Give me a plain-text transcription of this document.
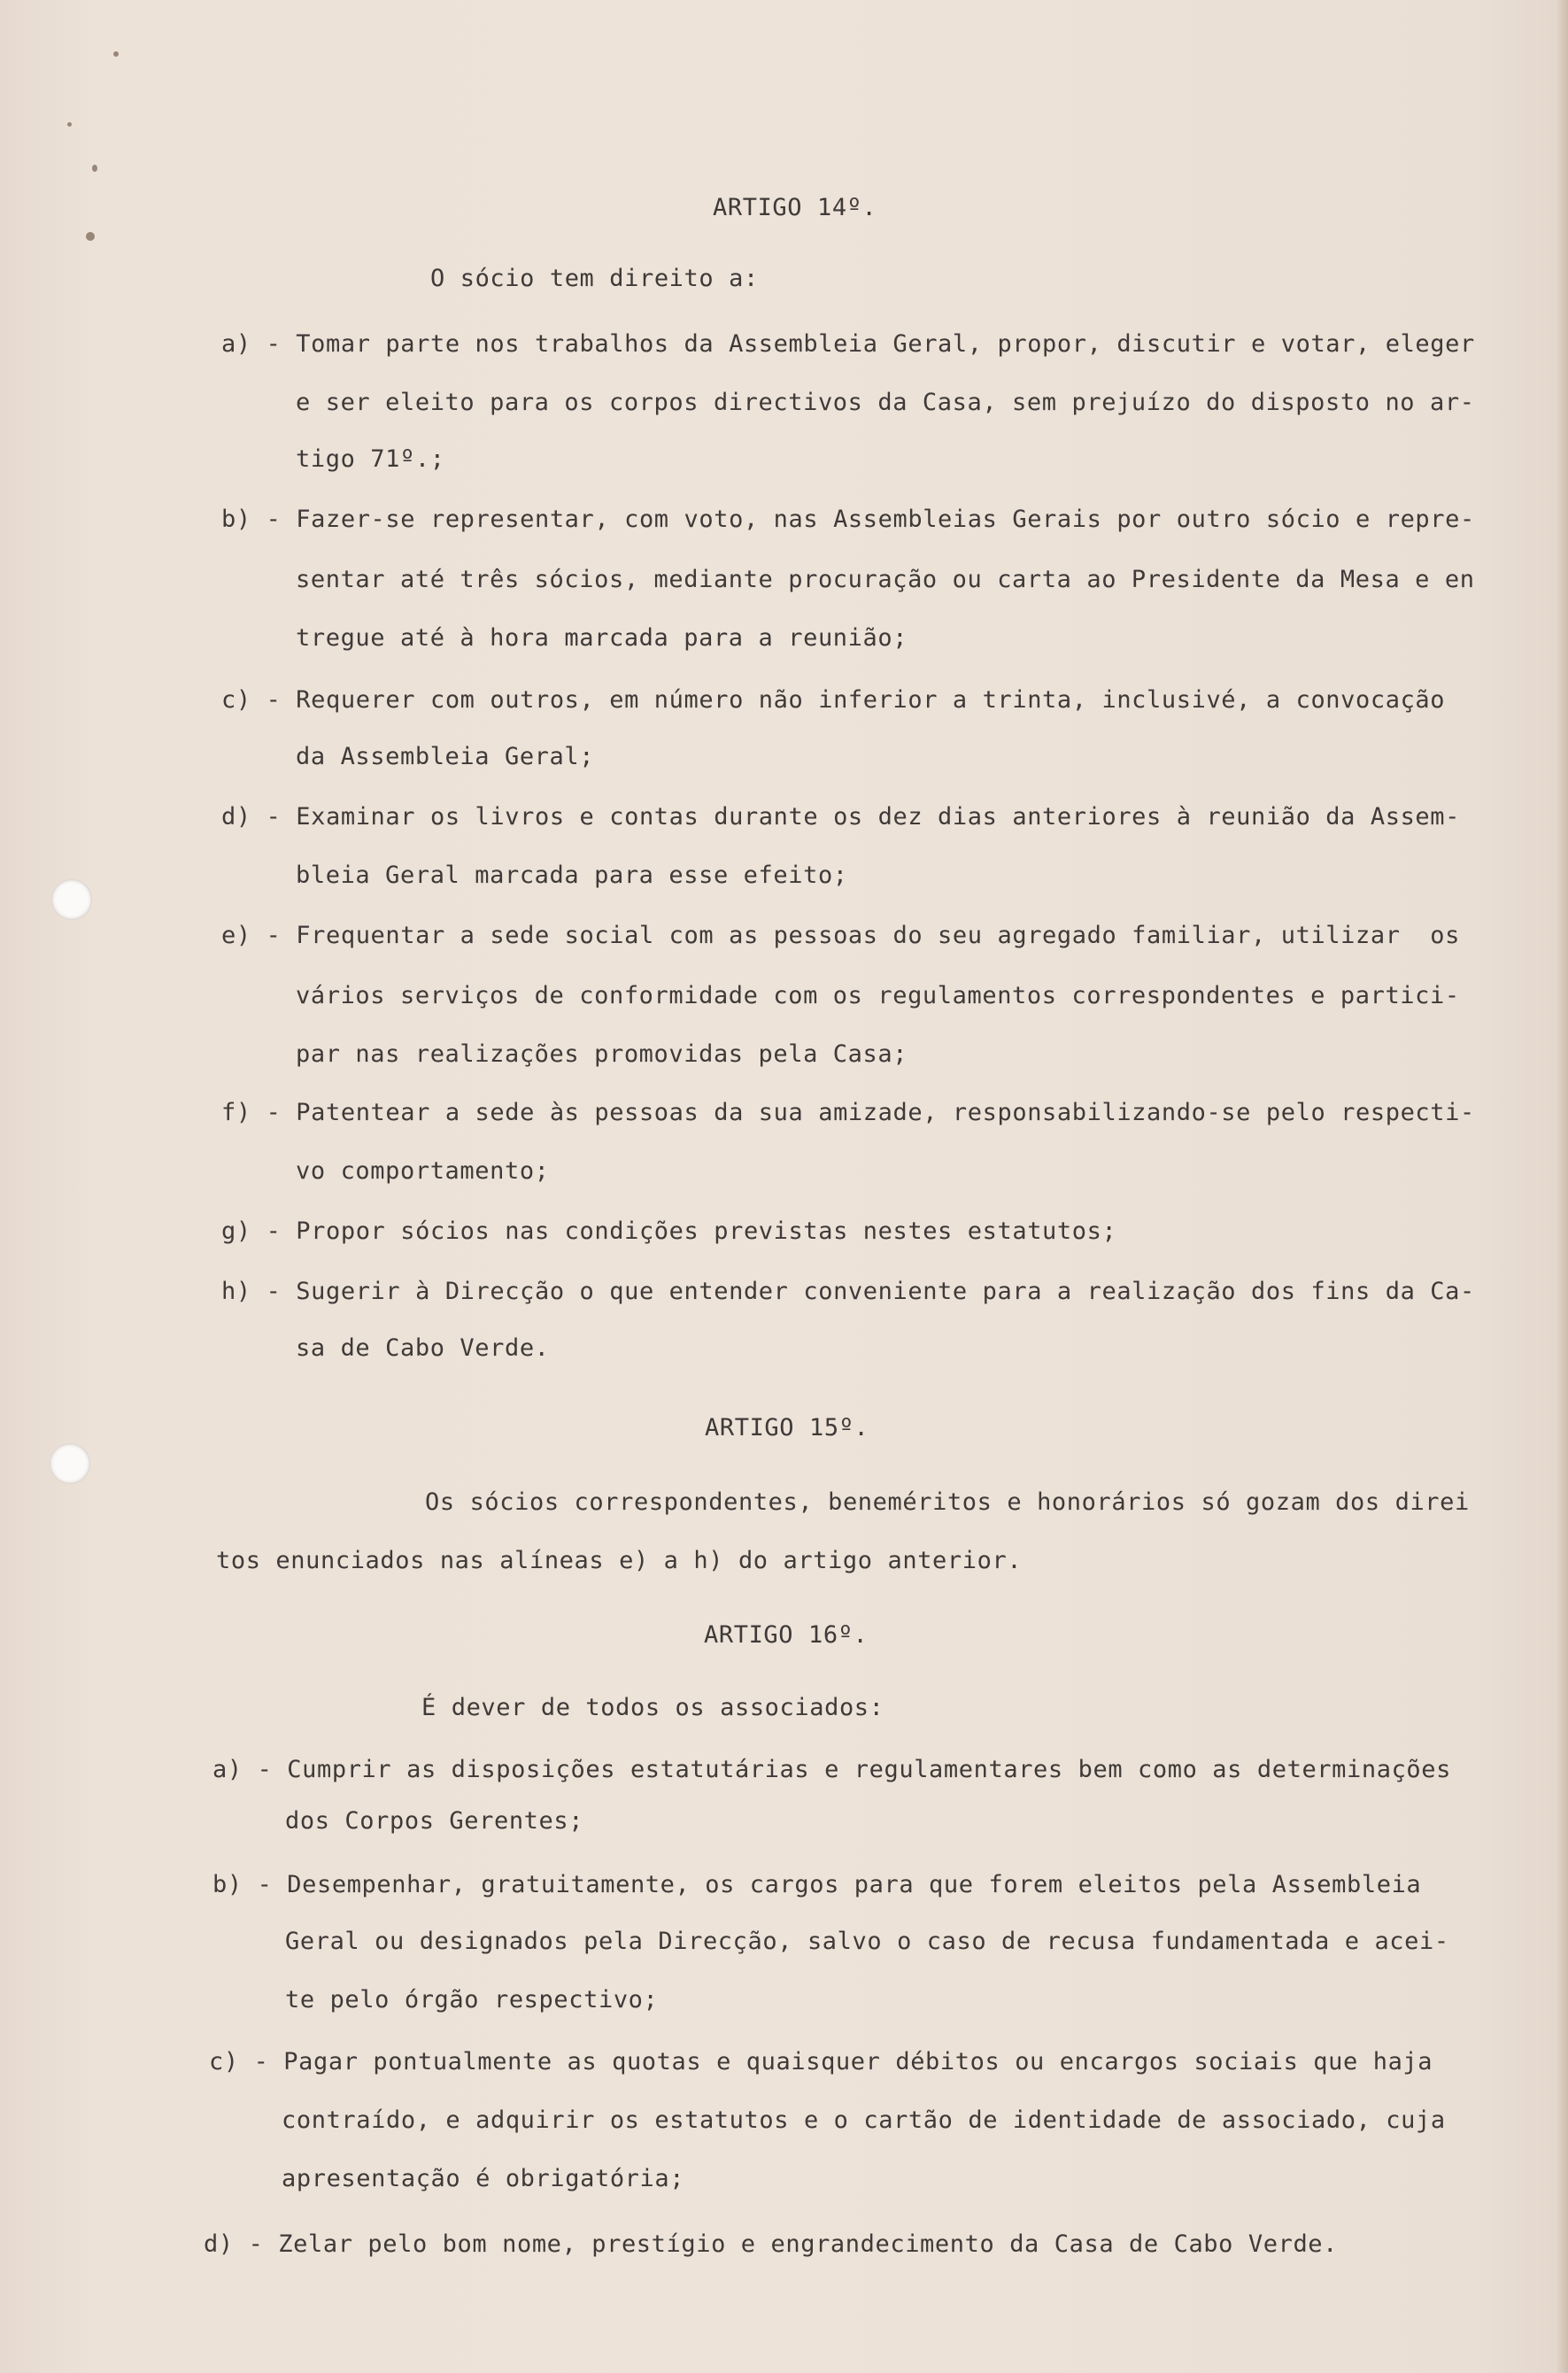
ARTIGO 14º.
O sócio tem direito a:
a) - Tomar parte nos trabalhos da Assembleia Geral, propor, discutir e votar, eleger
e ser eleito para os corpos directivos da Casa, sem prejuízo do disposto no ar-
tigo 71º.;
b) - Fazer-se representar, com voto, nas Assembleias Gerais por outro sócio e repre-
sentar até três sócios, mediante procuração ou carta ao Presidente da Mesa e en
tregue até à hora marcada para a reunião;
c) - Requerer com outros, em número não inferior a trinta, inclusivé, a convocação
da Assembleia Geral;
d) - Examinar os livros e contas durante os dez dias anteriores à reunião da Assem-
bleia Geral marcada para esse efeito;
e) - Frequentar a sede social com as pessoas do seu agregado familiar, utilizar  os
vários serviços de conformidade com os regulamentos correspondentes e partici-
par nas realizações promovidas pela Casa;
f) - Patentear a sede às pessoas da sua amizade, responsabilizando-se pelo respecti-
vo comportamento;
g) - Propor sócios nas condições previstas nestes estatutos;
h) - Sugerir à Direcção o que entender conveniente para a realização dos fins da Ca-
sa de Cabo Verde.
ARTIGO 15º.
Os sócios correspondentes, beneméritos e honorários só gozam dos direi
tos enunciados nas alíneas e) a h) do artigo anterior.
ARTIGO 16º.
É dever de todos os associados:
a) - Cumprir as disposições estatutárias e regulamentares bem como as determinações
dos Corpos Gerentes;
b) - Desempenhar, gratuitamente, os cargos para que forem eleitos pela Assembleia
Geral ou designados pela Direcção, salvo o caso de recusa fundamentada e acei-
te pelo órgão respectivo;
c) - Pagar pontualmente as quotas e quaisquer débitos ou encargos sociais que haja
contraído, e adquirir os estatutos e o cartão de identidade de associado, cuja
apresentação é obrigatória;
d) - Zelar pelo bom nome, prestígio e engrandecimento da Casa de Cabo Verde.
